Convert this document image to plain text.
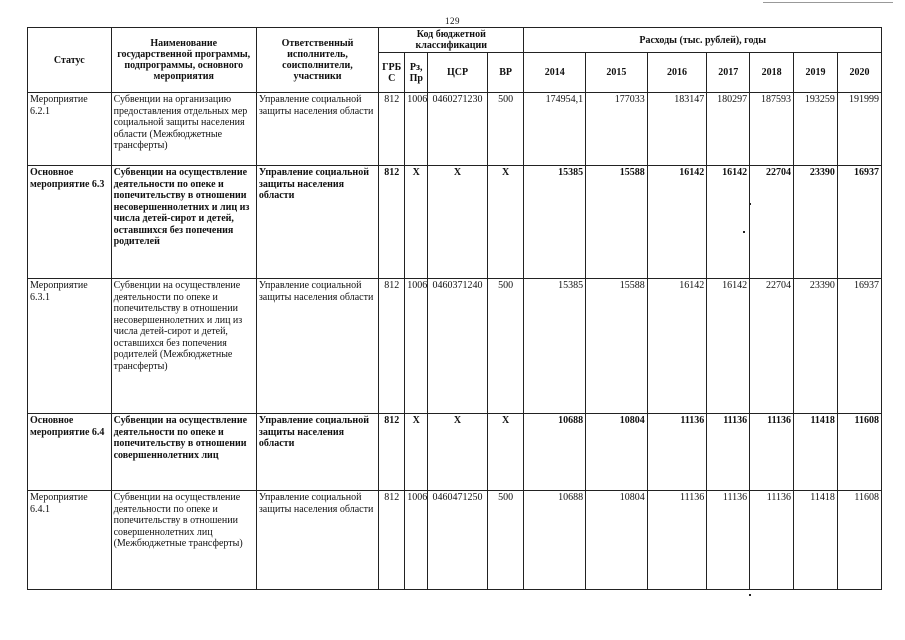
129
Статус	Наименование государственной программы, подпрограммы, основного мероприятия	Ответственный исполнитель, соисполнители, участники	Код бюджетной классификации				Расходы (тыс. рублей), годы						
			ГРБ С	Рз, Пр	ЦСР	ВР	2014	2015	2016	2017	2018	2019	2020
Мероприятие 6.2.1	Субвенции на организацию предоставления отдельных мер социальной защиты населения области (Межбюджетные трансферты)	Управление социальной защиты населения области	812	1006	0460271230	500	174954,1	177033	183147	180297	187593	193259	191999
Основное мероприятие 6.3	Субвенции на осуществление деятельности по опеке и попечительству в отношении несовершеннолетних и лиц из числа детей-сирот и детей, оставшихся без попечения родителей	Управление социальной защиты населения области	812	X	X	X	15385	15588	16142	16142	22704	23390	16937
Мероприятие 6.3.1	Субвенции на осуществление деятельности по опеке и попечительству в отношении несовершеннолетних и лиц из числа детей-сирот и детей, оставшихся без попечения родителей (Межбюджетные трансферты)	Управление социальной защиты населения области	812	1006	0460371240	500	15385	15588	16142	16142	22704	23390	16937
Основное мероприятие 6.4	Субвенции на осуществление деятельности по опеке и попечительству в отношении совершеннолетних лиц	Управление социальной защиты населения области	812	X	X	X	10688	10804	11136	11136	11136	11418	11608
Мероприятие 6.4.1	Субвенции на осуществление деятельности по опеке и попечительству в отношении совершеннолетних лиц (Межбюджетные трансферты)	Управление социальной защиты населения области	812	1006	0460471250	500	10688	10804	11136	11136	11136	11418	11608
